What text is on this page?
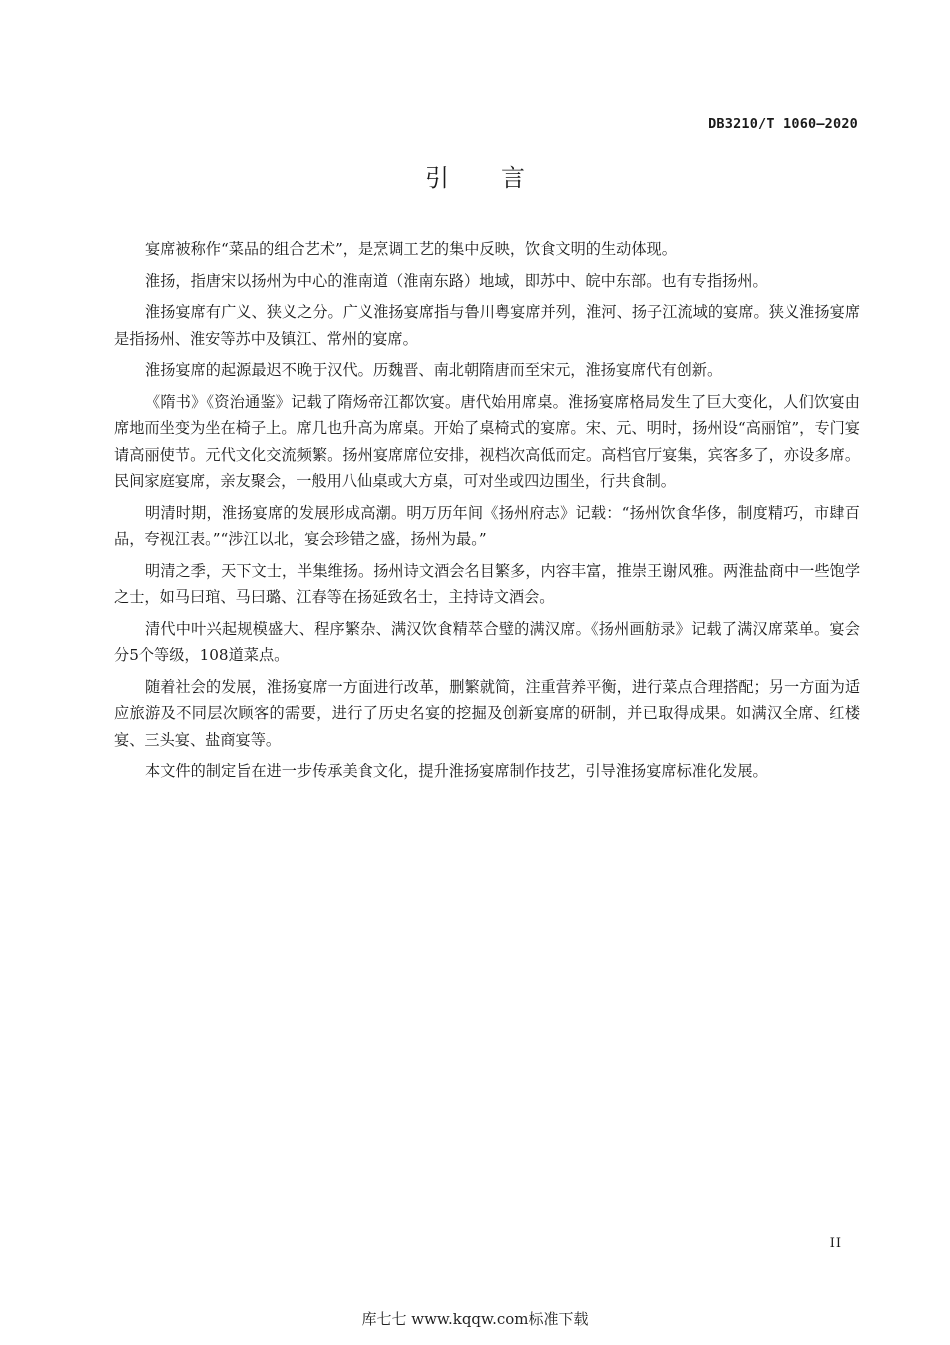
DB3210/T 1060—2020
引言

宴席被称作“菜品的组合艺术”，是烹调工艺的集中反映，饮食文明的生动体现。

淮扬，指唐宋以扬州为中心的淮南道（淮南东路）地域，即苏中、皖中东部。也有专指扬州。

淮扬宴席有广义、狭义之分。广义淮扬宴席指与鲁川粤宴席并列，淮河、扬子江流域的宴席。狭义淮扬宴席是指扬州、淮安等苏中及镇江、常州的宴席。

淮扬宴席的起源最迟不晚于汉代。历魏晋、南北朝隋唐而至宋元，淮扬宴席代有创新。

《隋书》《资治通鉴》记载了隋炀帝江都饮宴。唐代始用席桌。淮扬宴席格局发生了巨大变化，人们饮宴由席地而坐变为坐在椅子上。席几也升高为席桌。开始了桌椅式的宴席。宋、元、明时，扬州设“高丽馆”，专门宴请高丽使节。元代文化交流频繁。扬州宴席席位安排，视档次高低而定。高档官厅宴集，宾客多了，亦设多席。民间家庭宴席，亲友聚会，一般用八仙桌或大方桌，可对坐或四边围坐，行共食制。

明清时期，淮扬宴席的发展形成高潮。明万历年间《扬州府志》记载：“扬州饮食华侈，制度精巧，市肆百品，夸视江表。”“涉江以北，宴会珍错之盛，扬州为最。”

明清之季，天下文士，半集维扬。扬州诗文酒会名目繁多，内容丰富，推崇王谢风雅。两淮盐商中一些饱学之士，如马曰琯、马曰璐、江春等在扬延致名士，主持诗文酒会。

清代中叶兴起规模盛大、程序繁杂、满汉饮食精萃合璧的满汉席。《扬州画舫录》记载了满汉席菜单。宴会分5个等级，108道菜点。

随着社会的发展，淮扬宴席一方面进行改革，删繁就简，注重营养平衡，进行菜点合理搭配；另一方面为适应旅游及不同层次顾客的需要，进行了历史名宴的挖掘及创新宴席的研制，并已取得成果。如满汉全席、红楼宴、三头宴、盐商宴等。

本文件的制定旨在进一步传承美食文化，提升淮扬宴席制作技艺，引导淮扬宴席标准化发展。

II
库七七 www.kqqw.com标准下载
